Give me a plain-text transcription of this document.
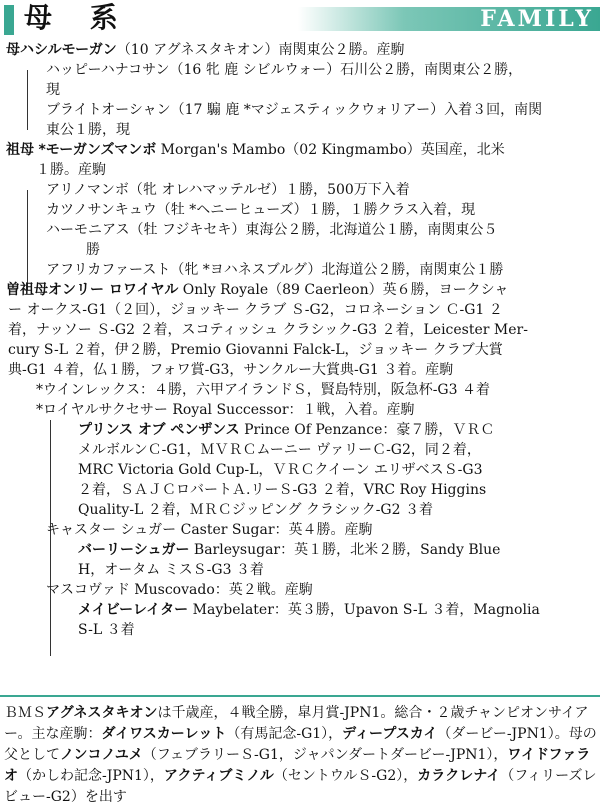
母 系	FAMILY
母ハシルモーガン（10 アグネスタキオン）南関東公２勝。産駒
ハッピーハナコサン（16 牝 鹿 シビルウォー）石川公２勝，南関東公２勝，
現
ブライトオーシャン（17 騸 鹿 *マジェスティックウォリアー）入着３回，南関
東公１勝，現
祖母 *モーガンズマンボ Morgan's Mambo（02 Kingmambo）英国産，北米
１勝。産駒
アリノマンボ（牝 オレハマッテルゼ）１勝，500万下入着
カツノサンキュウ（牡 *ヘニーヒューズ）１勝，１勝クラス入着，現
ハーモニアス（牡 フジキセキ）東海公２勝，北海道公１勝，南関東公５
勝
アフリカファースト（牝 *ヨハネスブルグ）北海道公２勝，南関東公１勝
曽祖母オンリー ロワイヤル Only Royale（89 Caerleon）英６勝，ヨークシャ
ー オークス-G1（２回），ジョッキー クラブ Ｓ-G2，コロネーション Ｃ-G1 ２
着，ナッソー Ｓ-G2 ２着，スコティッシュ クラシック-G3 ２着，Leicester Mer-
cury S-L ２着，伊２勝，Premio Giovanni Falck-L，ジョッキー クラブ大賞
典-G1 ４着，仏１勝，フォワ賞-G3，サンクルー大賞典-G1 ３着。産駒
*ウインレックス：４勝，六甲アイランドＳ，賢島特別，阪急杯-G3 ４着
*ロイヤルサクセサー Royal Successor：１戦，入着。産駒
プリンス オブ ペンザンス Prince Of Penzance：豪７勝，ＶＲＣ
メルボルンＣ-G1，ＭＶＲＣムーニー ヴァリーＣ-G2，同２着，
MRC Victoria Gold Cup-L，ＶＲＣクイーン エリザベスＳ-G3
２着，ＳＡＪＣロバートＡ.リーＳ-G3 ２着，VRC Roy Higgins
Quality-L ２着，ＭＲＣジッピング クラシック-G2 ３着
キャスター シュガー Caster Sugar：英４勝。産駒
バーリーシュガー Barleysugar：英１勝，北米２勝，Sandy Blue
H，オータム ミスＳ-G3 ３着
マスコヴァド Muscovado：英２戦。産駒
メイビーレイター Maybelater：英３勝，Upavon S-L ３着，Magnolia
S-L ３着
ＢＭＳアグネスタキオンは千歳産，４戦全勝，皐月賞-JPN1。総合・２歳チャンピオンサイアー。主な産駒：ダイワスカーレット（有馬記念-G1），ディープスカイ（ダービー-JPN1）。母の父としてノンコノユメ（フェブラリーＳ-G1，ジャパンダートダービー-JPN1），ワイドファラオ（かしわ記念-JPN1），アクティブミノル（セントウルＳ-G2），カラクレナイ（フィリーズレビュー-G2）を出す
